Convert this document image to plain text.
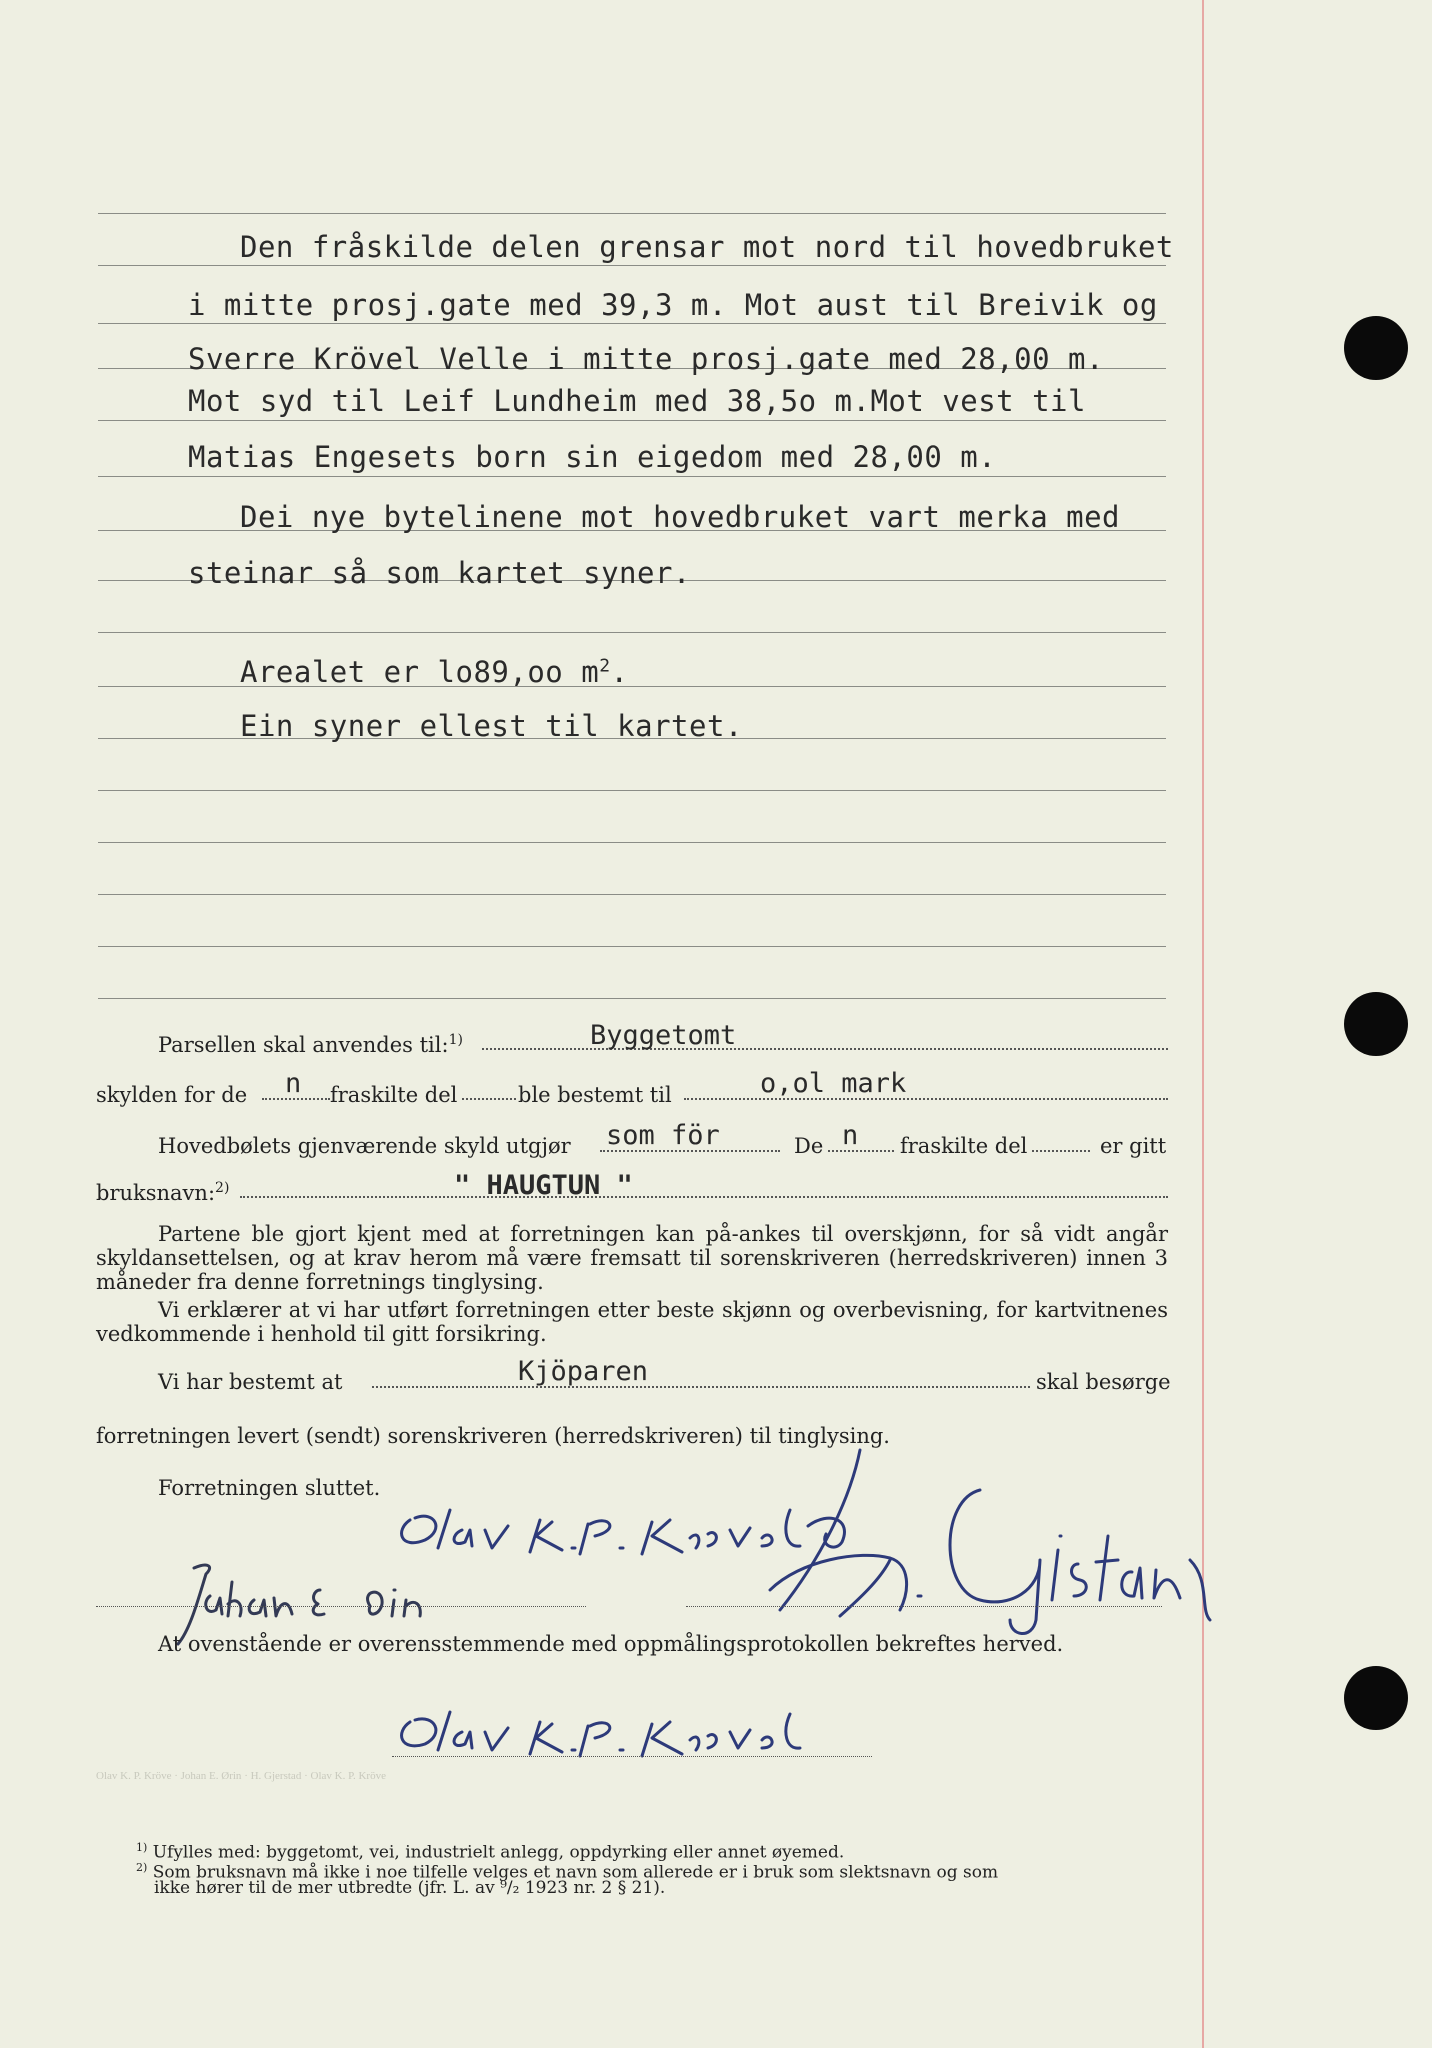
Den fråskilde delen grensar mot nord til hovedbruket
i mitte prosj.gate med 39,3 m. Mot aust til Breivik og
Sverre Krövel Velle i mitte prosj.gate med 28,00 m.
Mot syd til Leif Lundheim med 38,5o m.Mot vest til
Matias Engesets born sin eigedom med 28,00 m.
Dei nye bytelinene mot hovedbruket vart merka med
steinar så som kartet syner.
Arealet er lo89,oo $m^2$.
Ein syner ellest til kartet.
Parsellen skal anvendes til:$^{1)}$	Byggetomt
skylden for de n fraskilte del	ble bestemt til	o,ol mark
Hovedbølets gjenværende skyld utgjør som för	De n fraskilte del	er gitt
bruksnavn:$^{2)}$	" HAUGTUN "
Partene ble gjort kjent med at forretningen kan på-ankes til overskjønn, for så vidt angår skyldansettelsen, og at krav herom må være fremsatt til sorenskriveren (herredskriveren) innen 3 måneder fra denne forretnings tinglysing.
Vi erklærer at vi har utført forretningen etter beste skjønn og overbevisning, for kartvitnenes vedkommende i henhold til gitt forsikring.
Vi har bestemt at	Kjöparen	skal besørge
forretningen levert (sendt) sorenskriveren (herredskriveren) til tinglysing.
Forretningen sluttet.
At ovenstående er overensstemmende med oppmålingsprotokollen bekreftes herved.
Olav K. P. Kröve · Johan E. Ørin · H. Gjerstad · Olav K. P. Kröve
$^{1)}$ Ufylles med: byggetomt, vei, industrielt anlegg, oppdyrking eller annet øyemed.
$^{2)}$ Som bruksnavn må ikke i noe tilfelle velges et navn som allerede er i bruk som slektsnavn og som
ikke hører til de mer utbredte (jfr. L. av ⁹/₂ 1923 nr. 2 § 21).
